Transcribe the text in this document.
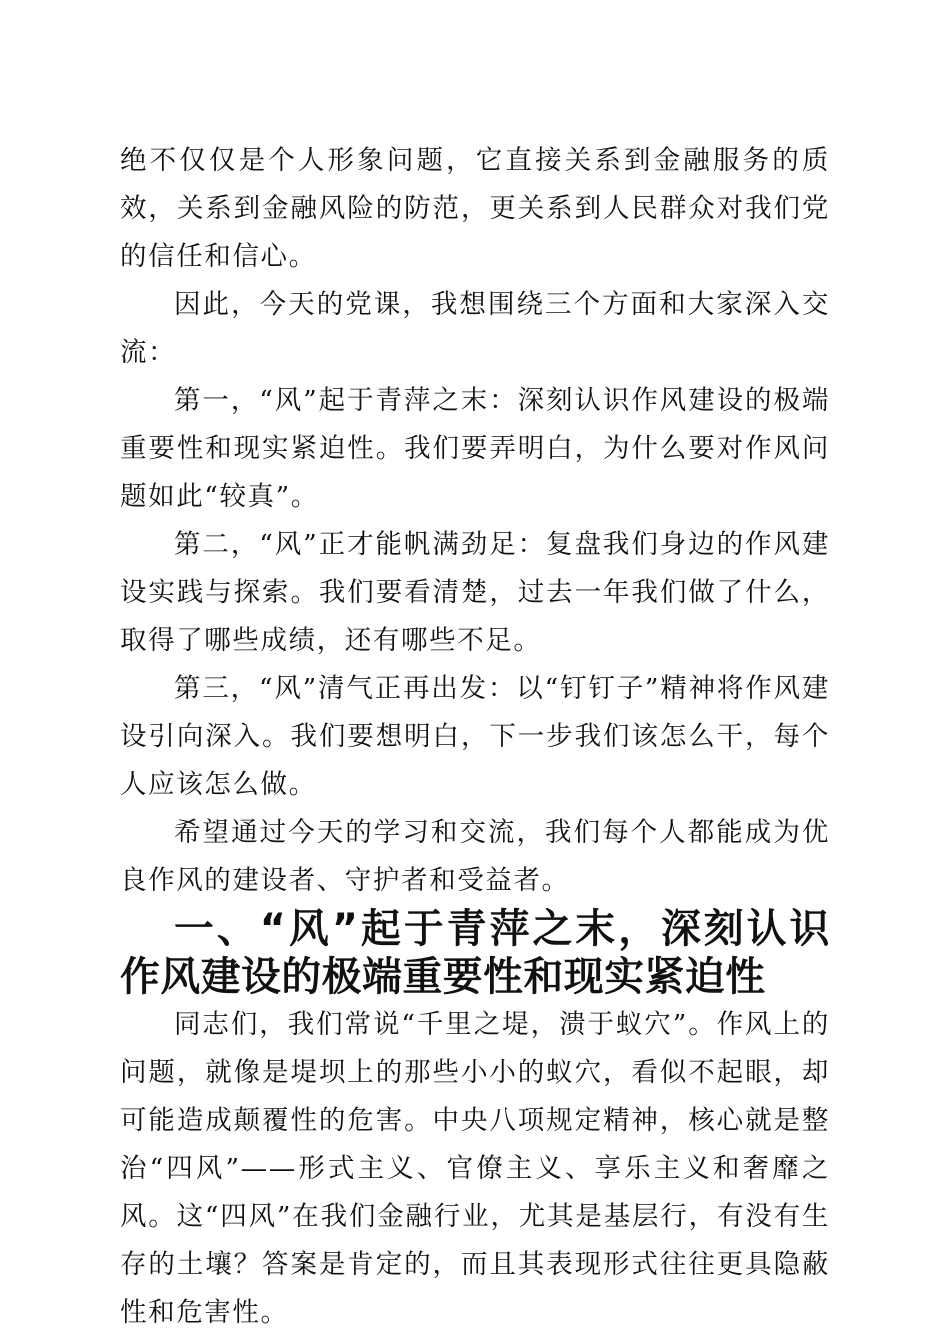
绝不仅仅是个人形象问题，它直接关系到金融服务的质效，关系到金融风险的防范，更关系到人民群众对我们党的信任和信心。

因此，今天的党课，我想围绕三个方面和大家深入交流：

第一，“风”起于青萍之末：深刻认识作风建设的极端重要性和现实紧迫性。我们要弄明白，为什么要对作风问题如此“较真”。

第二，“风”正才能帆满劲足：复盘我们身边的作风建设实践与探索。我们要看清楚，过去一年我们做了什么，取得了哪些成绩，还有哪些不足。

第三，“风”清气正再出发：以“钉钉子”精神将作风建设引向深入。我们要想明白，下一步我们该怎么干，每个人应该怎么做。

希望通过今天的学习和交流，我们每个人都能成为优良作风的建设者、守护者和受益者。

一、“风”起于青萍之末，深刻认识作风建设的极端重要性和现实紧迫性

同志们，我们常说“千里之堤，溃于蚁穴”。作风上的问题，就像是堤坝上的那些小小的蚁穴，看似不起眼，却可能造成颠覆性的危害。中央八项规定精神，核心就是整治“四风”——形式主义、官僚主义、享乐主义和奢靡之风。这“四风”在我们金融行业，尤其是基层行，有没有生存的土壤？答案是肯定的，而且其表现形式往往更具隐蔽性和危害性。
